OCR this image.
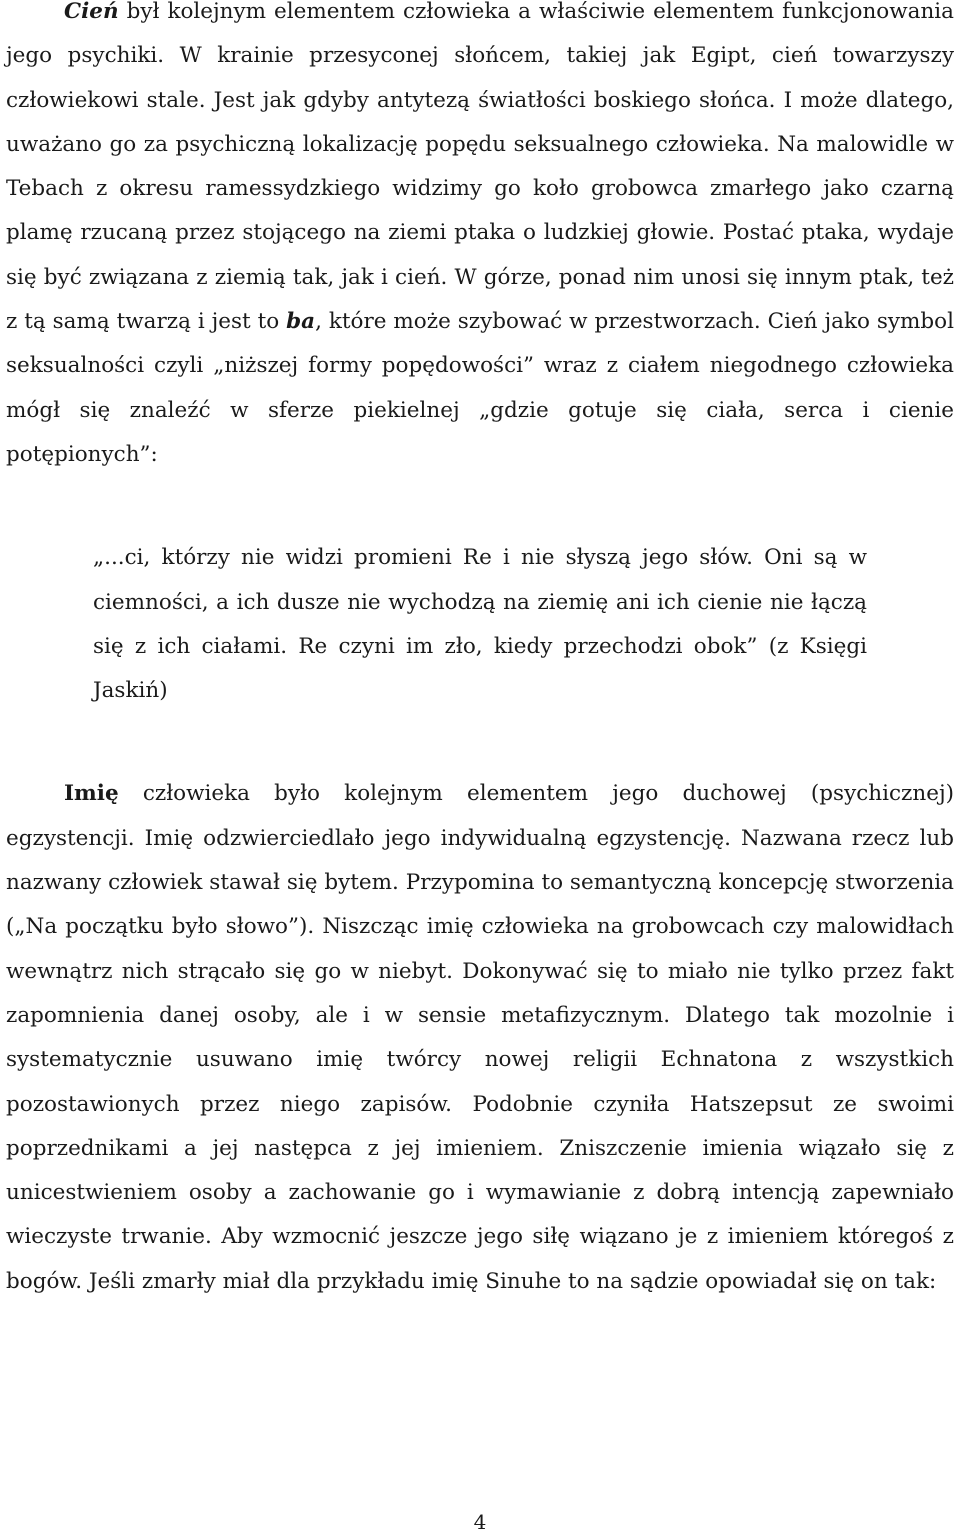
Cień był kolejnym elementem człowieka a właściwie elementem funkcjonowania jego psychiki. W krainie przesyconej słońcem, takiej jak Egipt, cień towarzyszy człowiekowi stale. Jest jak gdyby antytezą światłości boskiego słońca. I może dlatego, uważano go za psychiczną lokalizację popędu seksualnego człowieka. Na malowidle w Tebach z okresu ramessydzkiego widzimy go koło grobowca zmarłego jako czarną plamę rzucaną przez stojącego na ziemi ptaka o ludzkiej głowie. Postać ptaka, wydaje się być związana z ziemią tak, jak i cień. W górze, ponad nim unosi się innym ptak, też z tą samą twarzą i jest to ba, które może szybować w przestworzach. Cień jako symbol seksualności czyli „niższej formy popędowości” wraz z ciałem niegodnego człowieka mógł się znaleźć w sferze piekielnej „gdzie gotuje się ciała, serca i cienie potępionych”:

„...ci, którzy nie widzi promieni Re i nie słyszą jego słów. Oni są w ciemności, a ich dusze nie wychodzą na ziemię ani ich cienie nie łączą się z ich ciałami. Re czyni im zło, kiedy przechodzi obok” (z Księgi Jaskiń)

Imię człowieka było kolejnym elementem jego duchowej (psychicznej) egzystencji. Imię odzwierciedlało jego indywidualną egzystencję. Nazwana rzecz lub nazwany człowiek stawał się bytem. Przypomina to semantyczną koncepcję stworzenia („Na początku było słowo”). Niszcząc imię człowieka na grobowcach czy malowidłach wewnątrz nich strącało się go w niebyt. Dokonywać się to miało nie tylko przez fakt zapomnienia danej osoby, ale i w sensie metafizycznym. Dlatego tak mozolnie i systematycznie usuwano imię twórcy nowej religii Echnatona z wszystkich pozostawionych przez niego zapisów. Podobnie czyniła Hatszepsut ze swoimi poprzednikami a jej następca z jej imieniem. Zniszczenie imienia wiązało się z unicestwieniem osoby a zachowanie go i wymawianie z dobrą intencją zapewniało wieczyste trwanie. Aby wzmocnić jeszcze jego siłę wiązano je z imieniem któregoś z bogów. Jeśli zmarły miał dla przykładu imię Sinuhe to na sądzie opowiadał się on tak:

4
